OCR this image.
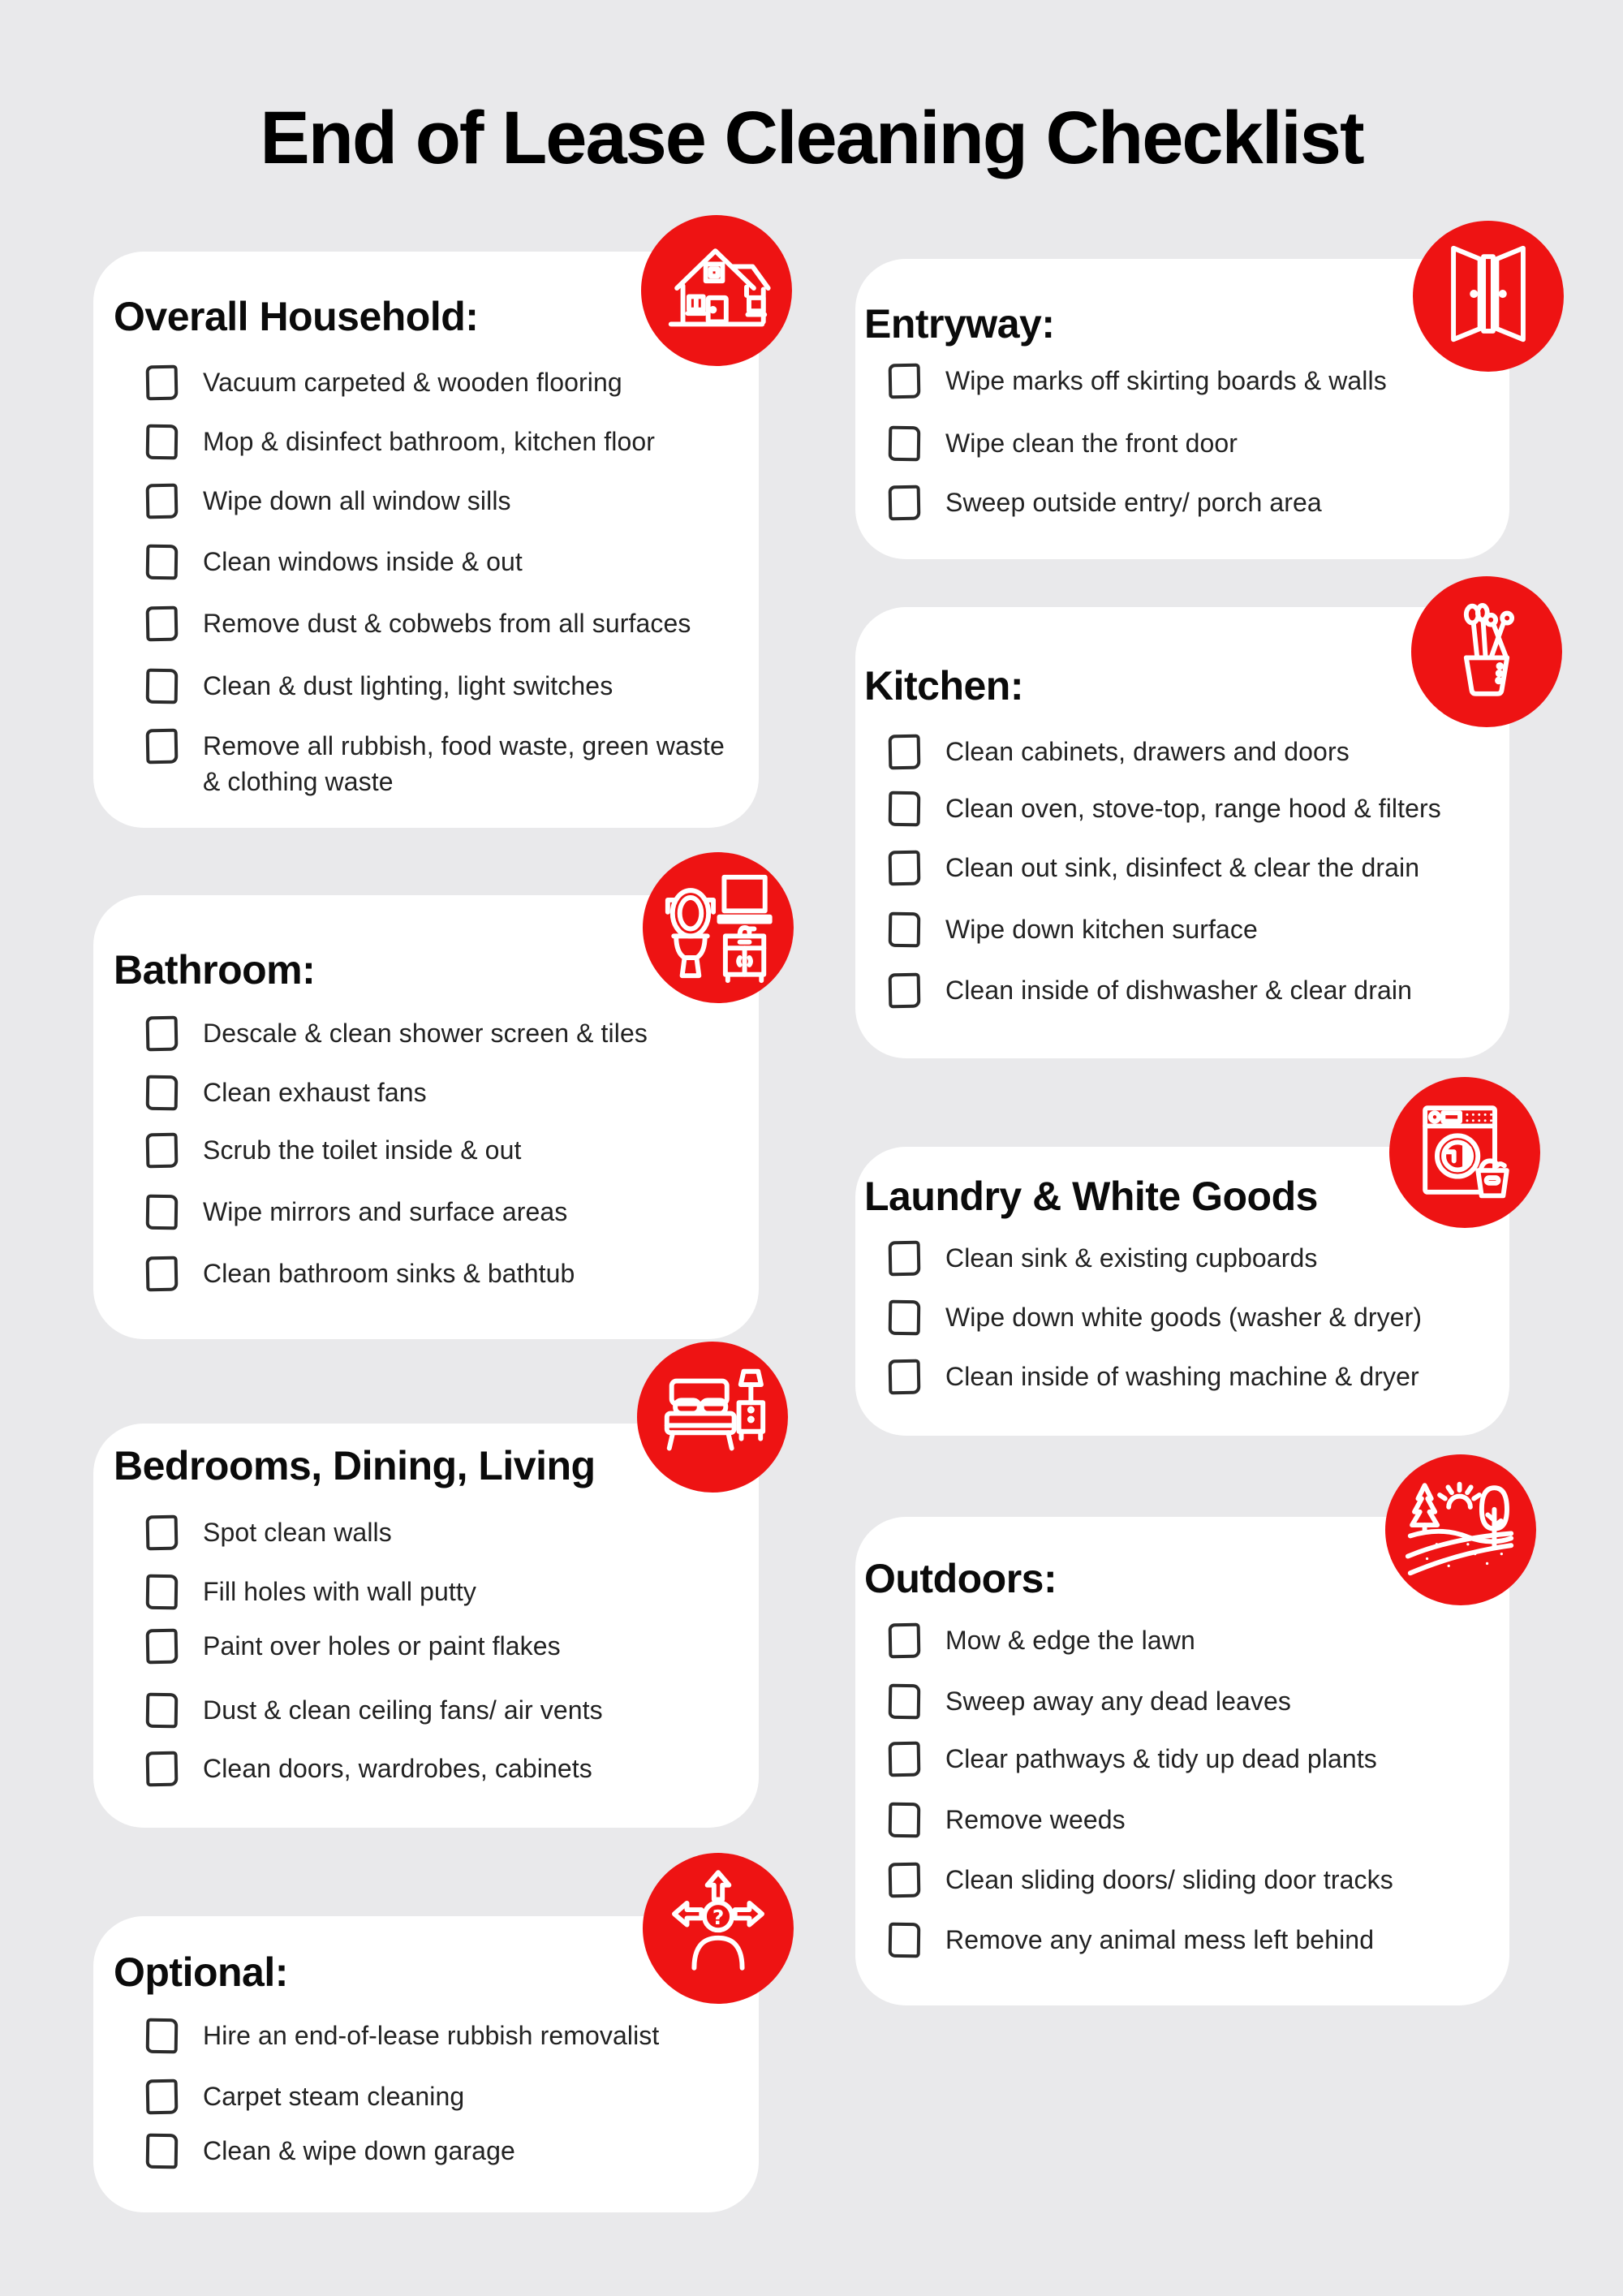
End of Lease Cleaning Checklist
Overall Household:
Vacuum carpeted & wooden flooring
Mop & disinfect bathroom, kitchen floor
Wipe down all window sills
Clean windows inside & out
Remove dust & cobwebs from all surfaces
Clean & dust lighting, light switches
Remove all rubbish, food waste, green waste & clothing waste
Entryway:
Wipe marks off skirting boards & walls
Wipe clean the front door
Sweep outside entry/ porch area
Kitchen:
Clean cabinets, drawers and doors
Clean oven, stove-top, range hood & filters
Clean out sink, disinfect & clear the drain
Wipe down kitchen surface
Clean inside of dishwasher & clear drain
Bathroom:
Descale & clean shower screen & tiles
Clean exhaust fans
Scrub the toilet inside & out
Wipe mirrors and surface areas
Clean bathroom sinks & bathtub
Laundry & White Goods
Clean sink & existing cupboards
Wipe down white goods (washer & dryer)
Clean inside of washing machine & dryer
Bedrooms, Dining, Living
Spot clean walls
Fill holes with wall putty
Paint over holes or paint flakes
Dust & clean ceiling fans/ air vents
Clean doors, wardrobes, cabinets
Outdoors:
Mow & edge the lawn
Sweep away any dead leaves
Clear pathways & tidy up dead plants
Remove weeds
Clean sliding doors/ sliding door tracks
Remove any animal mess left behind
Optional:
Hire an end-of-lease rubbish removalist
Carpet steam cleaning
Clean & wipe down garage
?
